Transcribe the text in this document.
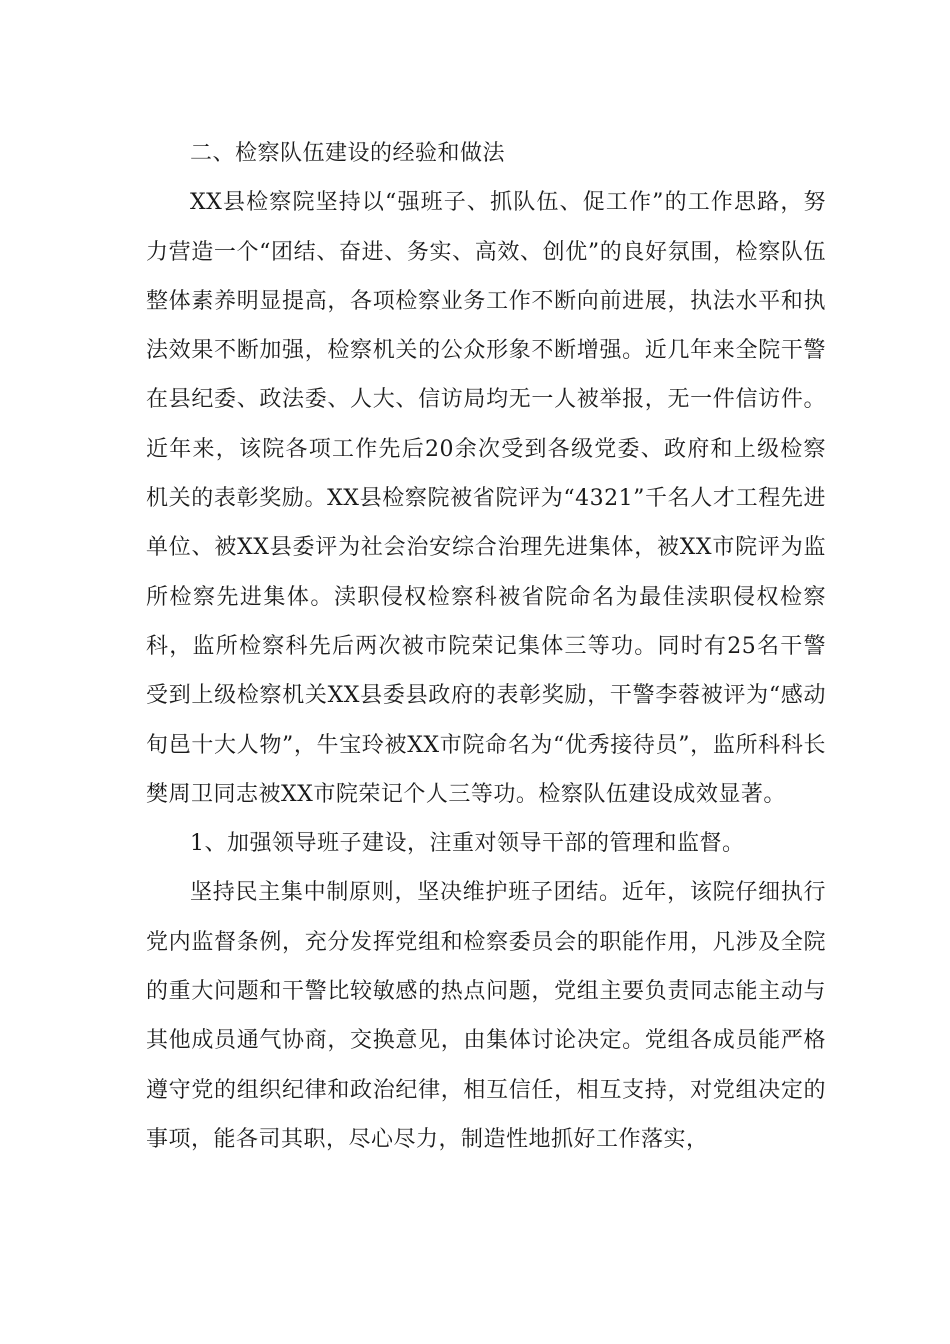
二、检察队伍建设的经验和做法

XX县检察院坚持以“强班子、抓队伍、促工作”的工作思路，努力营造一个“团结、奋进、务实、高效、创优”的良好氛围，检察队伍整体素养明显提高，各项检察业务工作不断向前进展，执法水平和执法效果不断加强，检察机关的公众形象不断增强。近几年来全院干警在县纪委、政法委、人大、信访局均无一人被举报，无一件信访件。近年来，该院各项工作先后20余次受到各级党委、政府和上级检察机关的表彰奖励。XX县检察院被省院评为“4321”千名人才工程先进单位、被XX县委评为社会治安综合治理先进集体，被XX市院评为监所检察先进集体。渎职侵权检察科被省院命名为最佳渎职侵权检察科，监所检察科先后两次被市院荣记集体三等功。同时有25名干警受到上级检察机关XX县委县政府的表彰奖励，干警李蓉被评为“感动旬邑十大人物”，牛宝玲被XX市院命名为“优秀接待员”，监所科科长樊周卫同志被XX市院荣记个人三等功。检察队伍建设成效显著。

1、加强领导班子建设，注重对领导干部的管理和监督。

坚持民主集中制原则，坚决维护班子团结。近年，该院仔细执行党内监督条例，充分发挥党组和检察委员会的职能作用，凡涉及全院的重大问题和干警比较敏感的热点问题，党组主要负责同志能主动与其他成员通气协商，交换意见，由集体讨论决定。党组各成员能严格遵守党的组织纪律和政治纪律，相互信任，相互支持，对党组决定的事项，能各司其职，尽心尽力，制造性地抓好工作落实，
